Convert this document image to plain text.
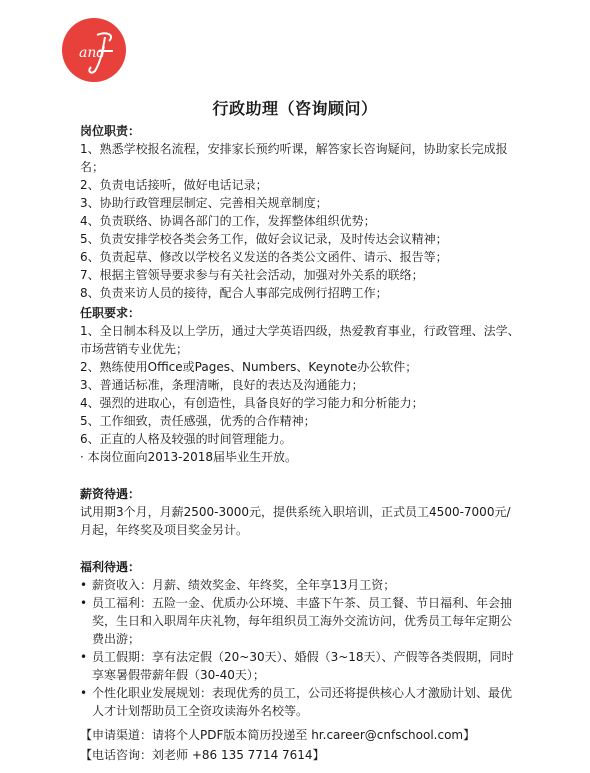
and
行政助理（咨询顾问）
岗位职责：
1、熟悉学校报名流程，安排家长预约听课，解答家长咨询疑问，协助家长完成报名；
2、负责电话接听，做好电话记录；
3、协助行政管理层制定、完善相关规章制度；
4、负责联络、协调各部门的工作，发挥整体组织优势；
5、负责安排学校各类会务工作，做好会议记录，及时传达会议精神；
6、负责起草、修改以学校名义发送的各类公文函件、请示、报告等；
7、根据主管领导要求参与有关社会活动，加强对外关系的联络；
8、负责来访人员的接待，配合人事部完成例行招聘工作；
任职要求：
1、全日制本科及以上学历，通过大学英语四级，热爱教育事业，行政管理、法学、市场营销专业优先；
2、熟练使用Office或Pages、Numbers、Keynote办公软件；
3、普通话标准，条理清晰，良好的表达及沟通能力；
4、强烈的进取心，有创造性，具备良好的学习能力和分析能力；
5、工作细致，责任感强，优秀的合作精神；
6、正直的人格及较强的时间管理能力。
· 本岗位面向2013-2018届毕业生开放。
薪资待遇：
试用期3个月，月薪2500-3000元，提供系统入职培训，正式员工4500-7000元/月起，年终奖及项目奖金另计。
福利待遇：
• 薪资收入：月薪、绩效奖金、年终奖，全年享13月工资；
• 员工福利：五险一金、优质办公环境、丰盛下午茶、员工餐、节日福利、年会抽奖，生日和入职周年庆礼物，每年组织员工海外交流访问，优秀员工每年定期公费出游；
• 员工假期：享有法定假（20~30天）、婚假（3~18天）、产假等各类假期，同时享寒暑假带薪年假（30-40天）；
• 个性化职业发展规划：表现优秀的员工，公司还将提供核心人才激励计划、最优人才计划帮助员工全资攻读海外名校等。
【申请渠道：请将个人PDF版本简历投递至 hr.career@cnfschool.com】
【电话咨询：刘老师 +86 135 7714 7614】
